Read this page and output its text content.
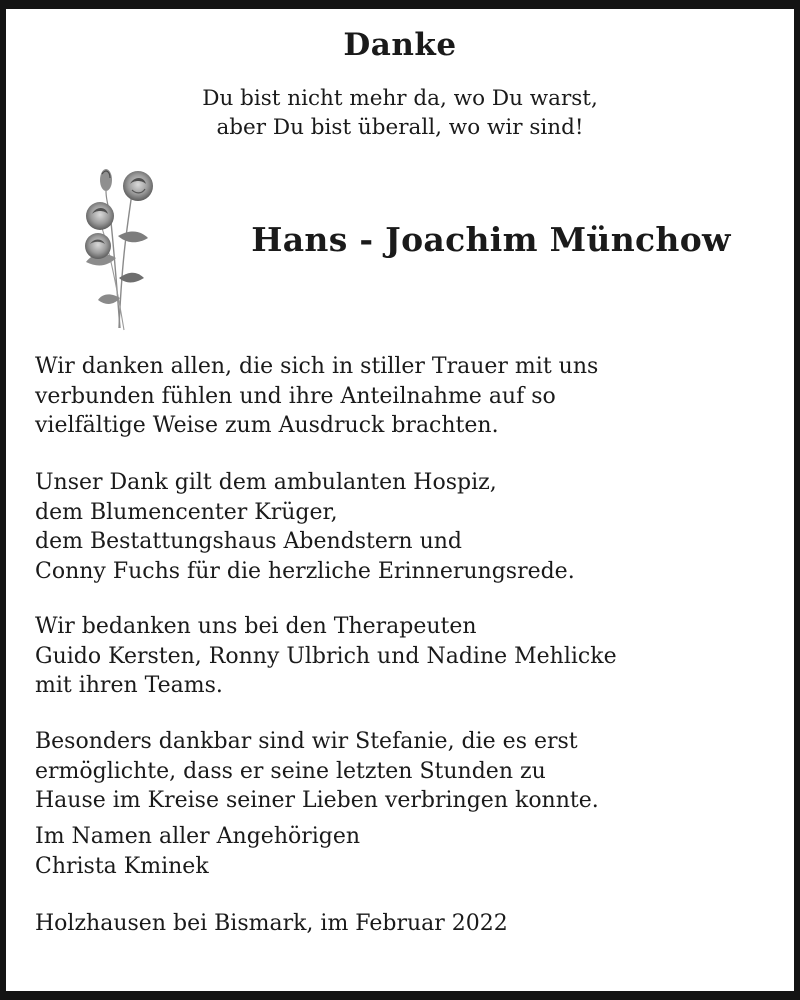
Danke
Du bist nicht mehr da, wo Du warst,
aber Du bist überall, wo wir sind!
Hans - Joachim Münchow
Wir danken allen, die sich in stiller Trauer mit uns
verbunden fühlen und ihre Anteilnahme auf so
vielfältige Weise zum Ausdruck brachten.
Unser Dank gilt dem ambulanten Hospiz,
dem Blumencenter Krüger,
dem Bestattungshaus Abendstern und
Conny Fuchs für die herzliche Erinnerungsrede.
Wir bedanken uns bei den Therapeuten
Guido Kersten, Ronny Ulbrich und Nadine Mehlicke
mit ihren Teams.
Besonders dankbar sind wir Stefanie, die es erst
ermöglichte, dass er seine letzten Stunden zu
Hause im Kreise seiner Lieben verbringen konnte.
Im Namen aller Angehörigen
Christa Kminek
Holzhausen bei Bismark, im Februar 2022
